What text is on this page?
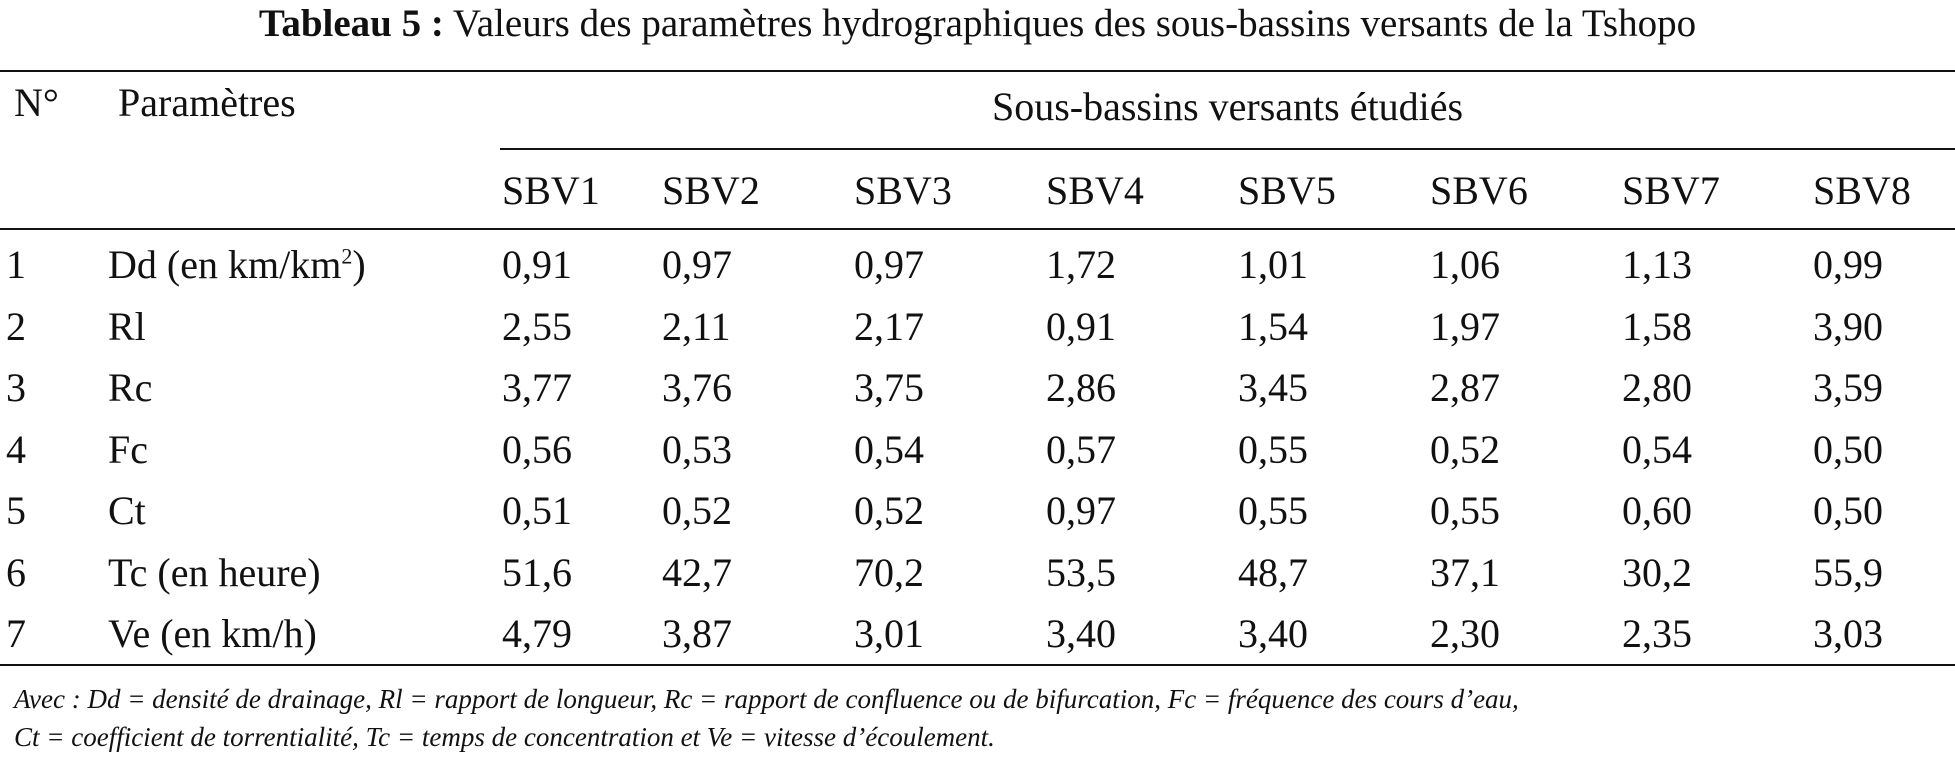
Tableau 5 : Valeurs des paramètres hydrographiques des sous-bassins versants de la Tshopo
N° Paramètres	Sous-bassins versants étudiés
SBV1 SBV2 SBV3 SBV4 SBV5 SBV6 SBV7 SBV8
1 Dd (en $km/km^2$)	0,91 0,97	0,97	1,72	1,01	1,06	1,13	0,99
2 Rl	2,55 2,11	2,17	0,91	1,54	1,97	1,58	3,90
3 Rc	3,77 3,76	3,75	2,86	3,45	2,87	2,80	3,59
4 Fc	0,56 0,53	0,54	0,57	0,55	0,52	0,54	0,50
5 Ct	0,51 0,52	0,52	0,97	0,55	0,55	0,60	0,50
6 Tc (en heure)	51,6 42,7	70,2	53,5	48,7	37,1	30,2	55,9
7 Ve (en km/h)	4,79 3,87	3,01	3,40	3,40	2,30	2,35	3,03
Avec : Dd = densité de drainage, Rl = rapport de longueur, Rc = rapport de confluence ou de bifurcation, Fc = fréquence des cours d’eau,
Ct = coefficient de torrentialité, Tc = temps de concentration et Ve = vitesse d’écoulement.
